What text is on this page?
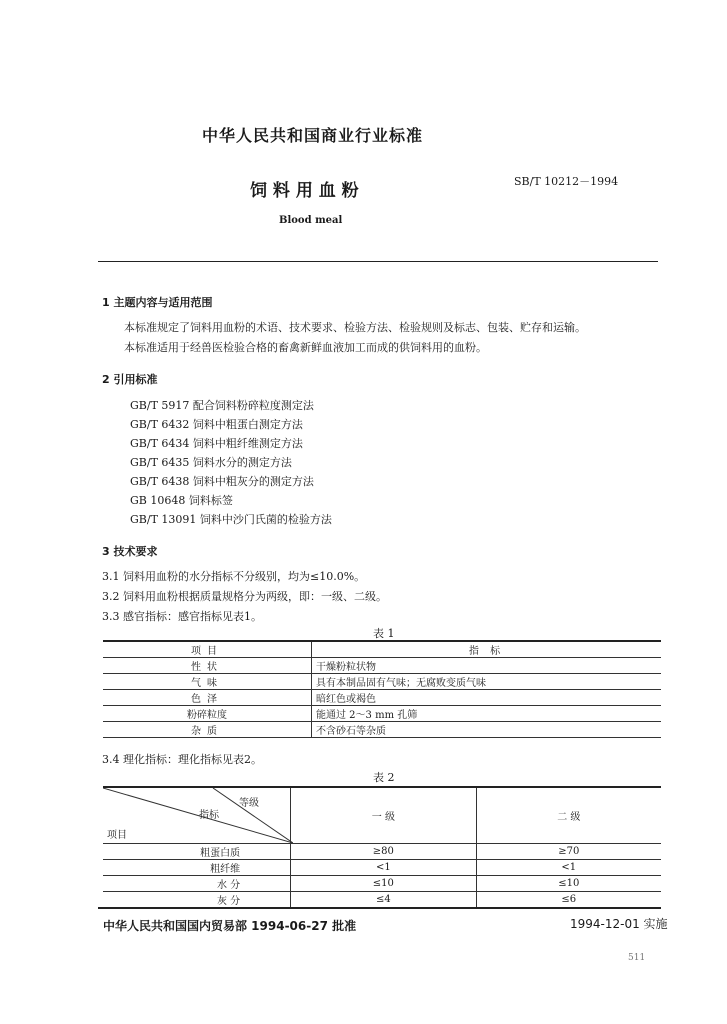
中华人民共和国商业行业标准
饲 料 用 血 粉	SB/T 10212－1994
Blood meal
1 主题内容与适用范围
本标准规定了饲料用血粉的术语、技术要求、检验方法、检验规则及标志、包装、贮存和运输。
本标准适用于经兽医检验合格的畜禽新鲜血液加工而成的供饲料用的血粉。
2 引用标准
GB/T 5917 配合饲料粉碎粒度测定法
GB/T 6432 饲料中粗蛋白测定方法
GB/T 6434 饲料中粗纤维测定方法
GB/T 6435 饲料水分的测定方法
GB/T 6438 饲料中粗灰分的测定方法
GB 10648 饲料标签
GB/T 13091 饲料中沙门氏菌的检验方法
3 技术要求
3.1 饲料用血粉的水分指标不分级别，均为≤10.0%。
3.2 饲料用血粉根据质量规格分为两级，即：一级、二级。
3.3 感官指标：感官指标见表1。
表 1
项目	指 标
性状	干燥粉粒状物
气味	具有本制品固有气味；无腐败变质气味
色泽	暗红色或褐色
粉碎粒度	能通过 2～3 mm 孔筛
杂质	不含砂石等杂质
3.4 理化指标：理化指标见表2。
表 2
等级
指标
项目	一 级	二 级
粗蛋白质	≥80	≥70
粗纤维	<1	<1
水 分	≤10	≤10
灰 分	≤4	≤6
中华人民共和国国内贸易部 1994-06-27 批准	1994-12-01 实施
511
